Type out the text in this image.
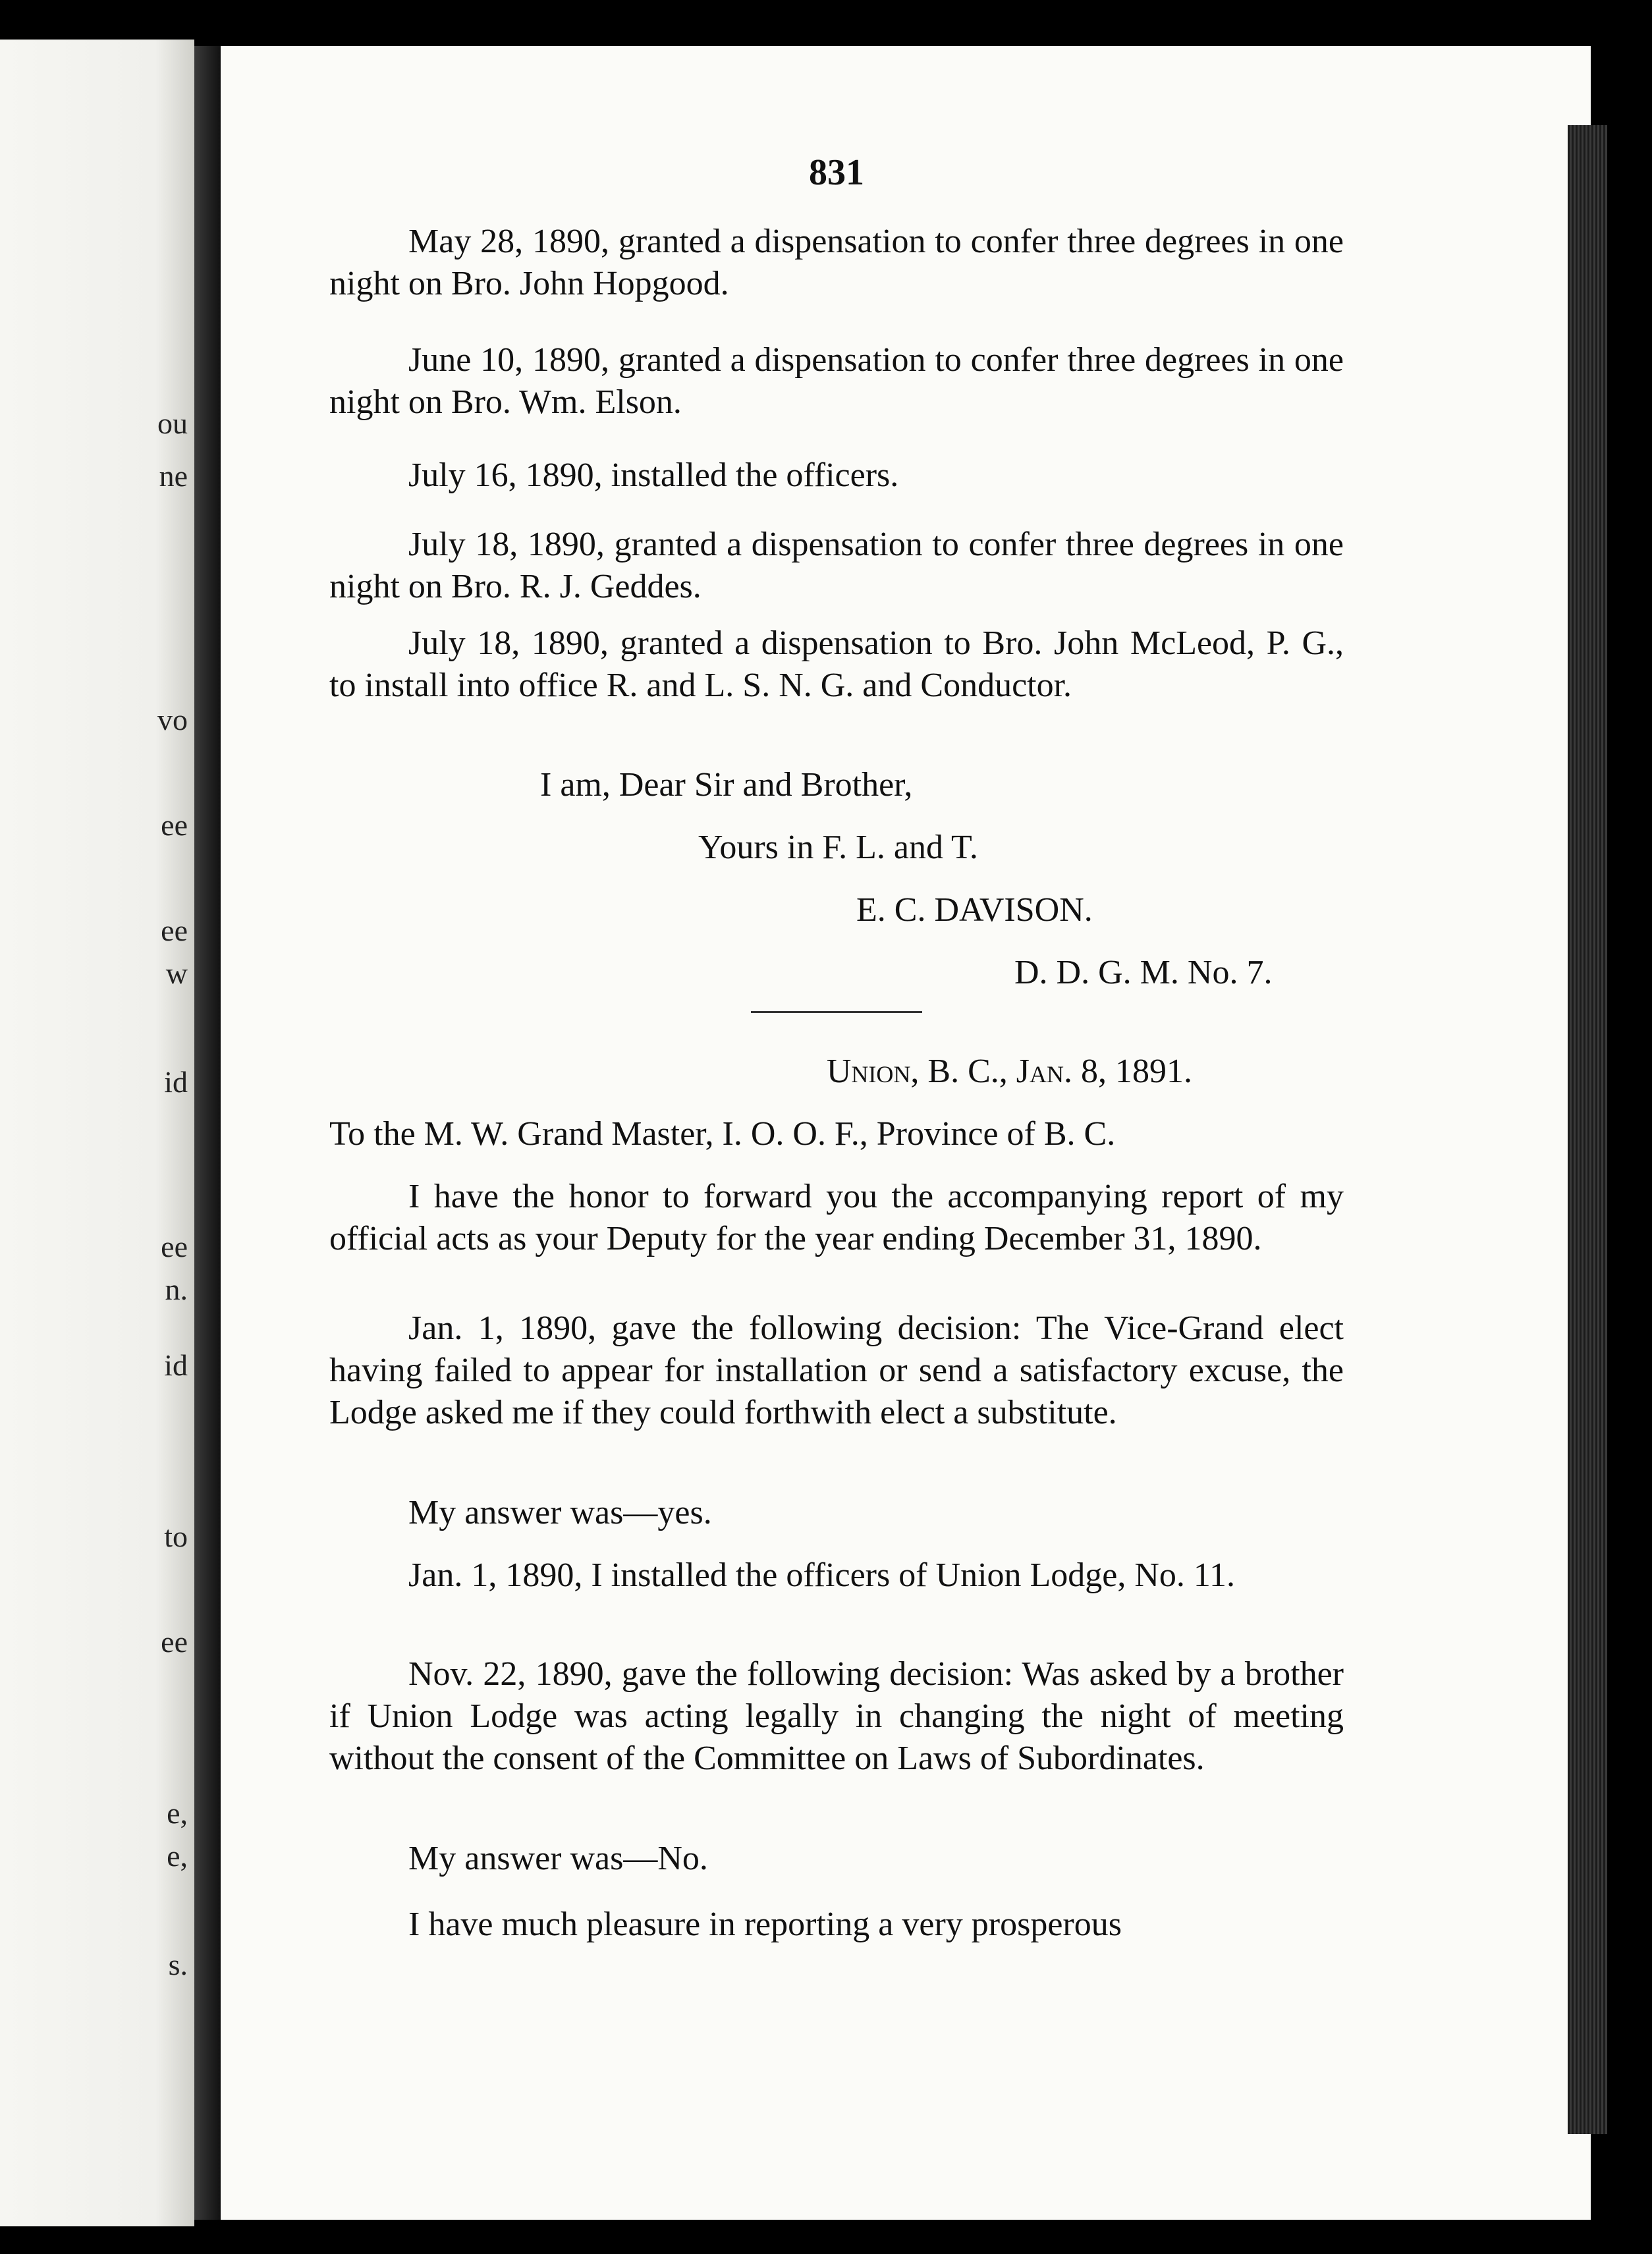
ou
ne
vo
ee
ee
w
id
ee
n.
id
to
ee
e,
e,
s.
831

May 28, 1890, granted a dispensation to confer three degrees in one night on Bro. John Hopgood.

June 10, 1890, granted a dispensation to confer three degrees in one night on Bro. Wm. Elson.

July 16, 1890, installed the officers.

July 18, 1890, granted a dispensation to confer three degrees in one night on Bro. R. J. Geddes.

July 18, 1890, granted a dispensation to Bro. John McLeod, P. G., to install into office R. and L. S. N. G. and Conductor.

I am, Dear Sir and Brother,
Yours in F. L. and T.
E. C. DAVISON.
D. D. G. M. No. 7.
Union, B. C., Jan. 8, 1891.
To the M. W. Grand Master, I. O. O. F., Province of B. C.

I have the honor to forward you the accompanying report of my official acts as your Deputy for the year ending December 31, 1890.

Jan. 1, 1890, gave the following decision: The Vice-Grand elect having failed to appear for installation or send a satisfactory excuse, the Lodge asked me if they could forthwith elect a substitute.

My answer was—yes.

Jan. 1, 1890, I installed the officers of Union Lodge, No. 11.

Nov. 22, 1890, gave the following decision: Was asked by a brother if Union Lodge was acting legally in changing the night of meeting without the consent of the Committee on Laws of Subordinates.

My answer was—No.

I have much pleasure in reporting a very prosperous
